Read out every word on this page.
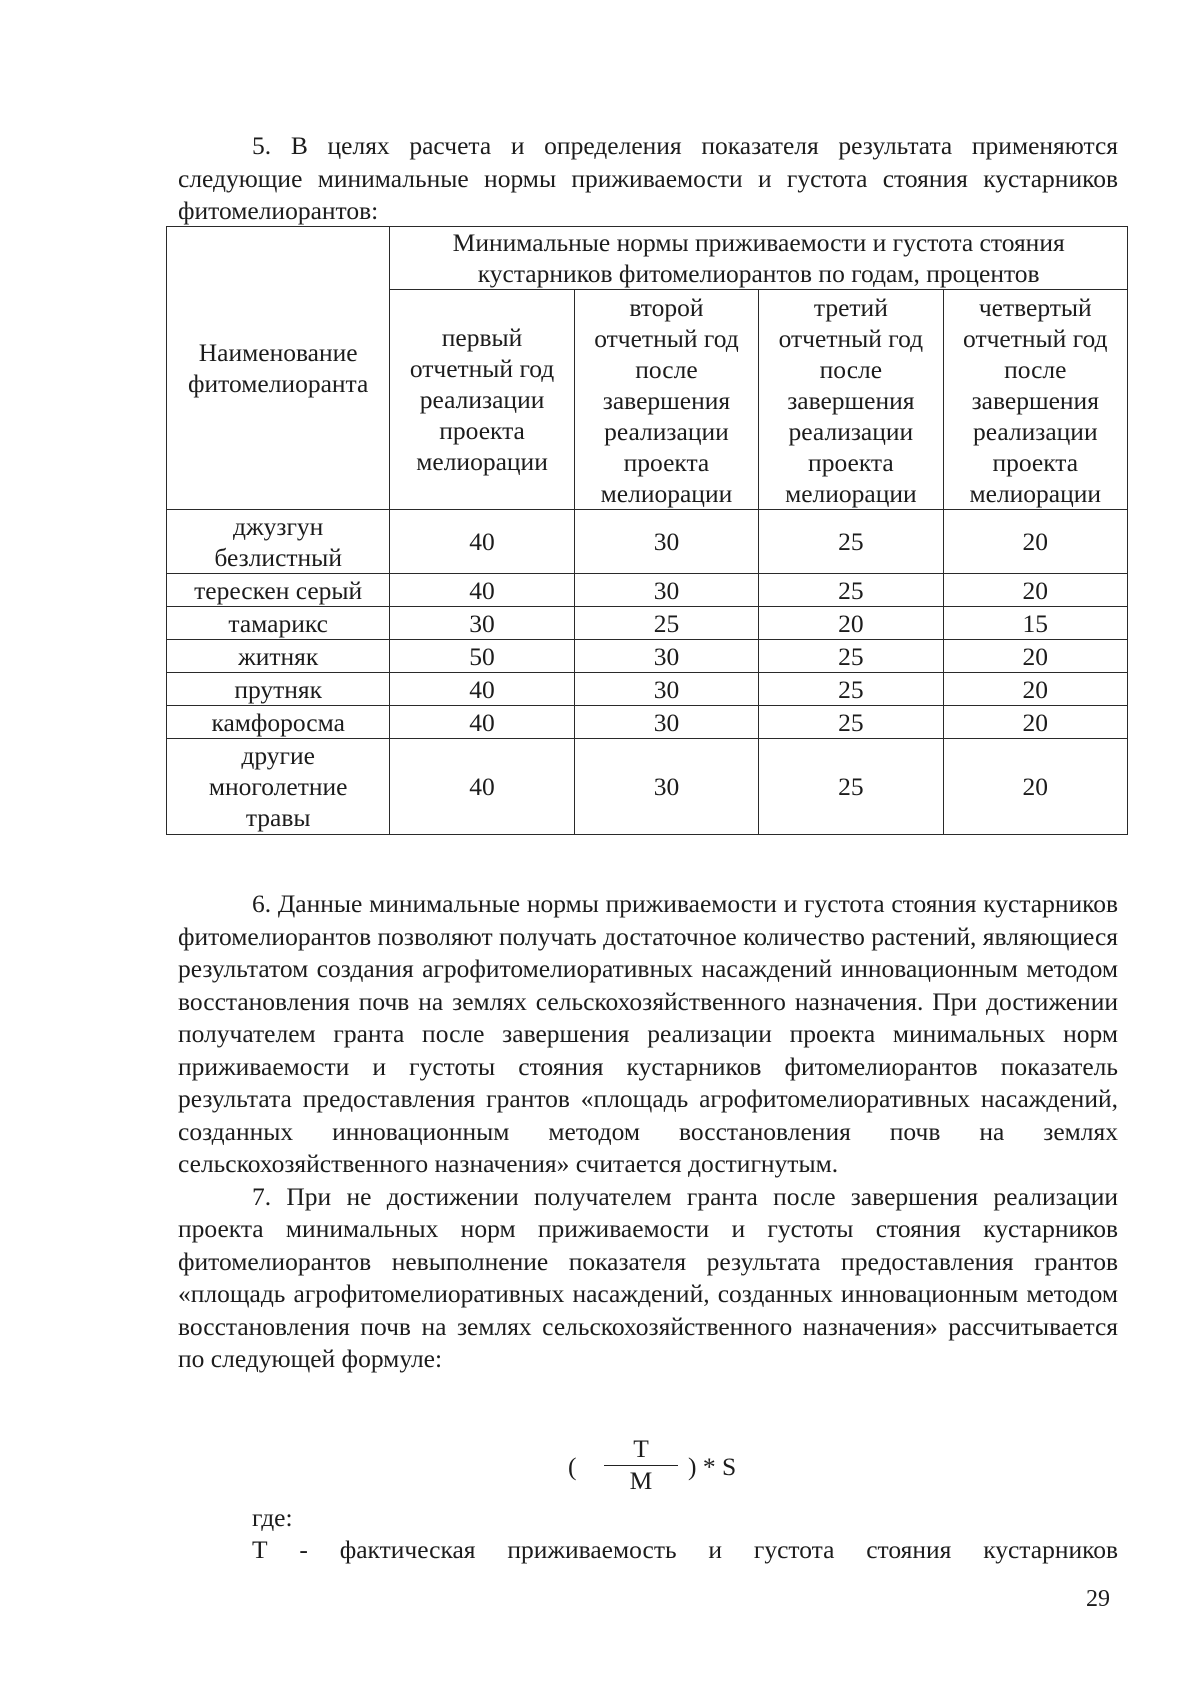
5. В целях расчета и определения показателя результата применяются следующие минимальные нормы приживаемости и густота стояния кустарников фитомелиорантов:

Наименование фитомелиоранта	Минимальные нормы приживаемости и густота стояния кустарников фитомелиорантов по годам, процентов			
	первый отчетный год реализации проекта мелиорации	второй отчетный год после завершения реализации проекта мелиорации	третий отчетный год после завершения реализации проекта мелиорации	четвертый отчетный год после завершения реализации проекта мелиорации
джузгун безлистный	40	30	25	20
терескен серый	40	30	25	20
тамарикс	30	25	20	15
житняк	50	30	25	20
прутняк	40	30	25	20
камфоросма	40	30	25	20
другие многолетние травы	40	30	25	20

6. Данные минимальные нормы приживаемости и густота стояния кустарников фитомелиорантов позволяют получать достаточное количество растений, являющиеся результатом создания агрофитомелиоративных насаждений инновационным методом восстановления почв на землях сельскохозяйственного назначения. При достижении получателем гранта после завершения реализации проекта минимальных норм приживаемости и густоты стояния кустарников фитомелиорантов показатель результата предоставления грантов «площадь агрофитомелиоративных насаждений, созданных инновационным методом восстановления почв на землях сельскохозяйственного назначения» считается достигнутым.

7. При не достижении получателем гранта после завершения реализации проекта минимальных норм приживаемости и густоты стояния кустарников фитомелиорантов невыполнение показателя результата предоставления грантов «площадь агрофитомелиоративных насаждений, созданных инновационным методом восстановления почв на землях сельскохозяйственного назначения» рассчитывается по следующей формуле:

(
Т
М	) * S
где:
Т - фактическая приживаемость и густота стояния кустарников
29
